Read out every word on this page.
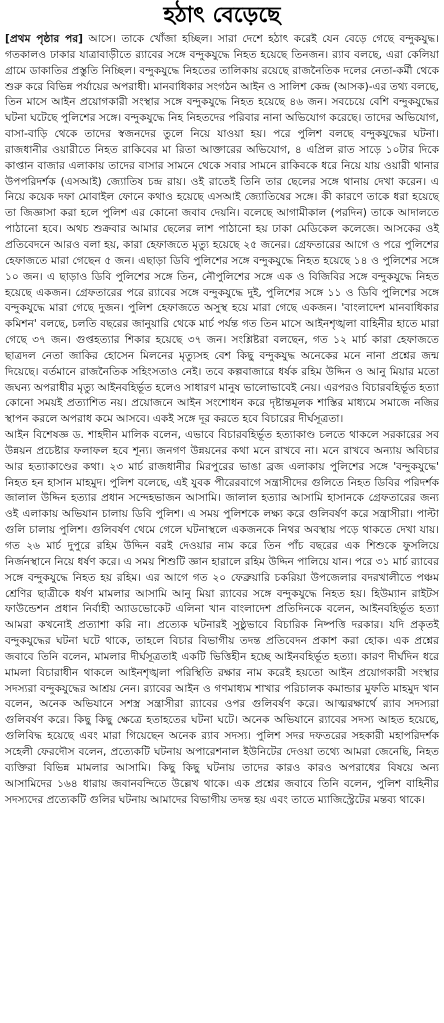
হঠাৎ বেড়েছে

[প্রথম পৃষ্ঠার পর] আসে। তাকে খোঁজা হচ্ছিল। সারা দেশে হঠাৎ করেই যেন বেড়ে গেছে বন্দুকযুদ্ধ। গতকালও ঢাকার যাত্রাবাড়ীতে র‌্যাবের সঙ্গে বন্দুকযুদ্ধে নিহত হয়েছে তিনজন। র‌্যাব বলছে, এরা কেলিয়া গ্রামে ডাকাতির প্রস্তুতি নিচ্ছিল। বন্দুকযুদ্ধে নিহতের তালিকায় রয়েছে রাজনৈতিক দলের নেতা-কর্মী থেকে শুরু করে বিভিন্ন পর্যায়ের অপরাধী। মানবাধিকার সংগঠন আইন ও সালিশ কেন্দ্র (আসক)-এর তথ্য বলছে, তিন মাসে আইন প্রয়োগকারী সংস্থার সঙ্গে বন্দুকযুদ্ধে নিহত হয়েছে ৪৬ জন। সবচেয়ে বেশি বন্দুকযুদ্ধের ঘটনা ঘটেছে পুলিশের সঙ্গে। বন্দুকযুদ্ধে নিহ নিহতদের পরিবার নানা অভিযোগ করেছে। তাদের অভিযোগ, বাসা-বাড়ি থেকে তাদের স্বজনদের তুলে নিয়ে যাওয়া হয়। পরে পুলিশ বলছে বন্দুকযুদ্ধের ঘটনা। রাজধানীর ওয়ারীতে নিহত রাকিবের মা রিতা আক্তারের অভিযোগ, ৪ এপ্রিল রাত সাড়ে ১০টার দিকে কাপ্তান বাজার এলাকায় তাদের বাসার সামনে থেকে সবার সামনে রাকিবকে ধরে নিয়ে যায় ওয়ারী থানার উপপরিদর্শক (এসআই) জ্যোতিষ চন্দ্র রায়। ওই রাতেই তিনি তার ছেলের সঙ্গে থানায় দেখা করেন। এ নিয়ে কয়েক দফা মোবাইল ফোনে কথাও হয়েছে এসআই জ্যোতিষের সঙ্গে। কী কারণে তাকে ধরা হয়েছে তা জিজ্ঞাসা করা হলে পুলিশ এর কোনো জবাব দেয়নি। বলেছে আগামীকাল (পরদিন) তাকে আদালতে পাঠানো হবে। অথচ শুক্রবার আমার ছেলের লাশ পাঠানো হয় ঢাকা মেডিকেল কলেজে। আসকের ওই প্রতিবেদনে আরও বলা হয়, কারা হেফাজতে মৃত্যু হয়েছে ২৫ জনের। গ্রেফতারের আগে ও পরে পুলিশের হেফাজতে মারা গেছেন ৫ জন। এছাড়া ডিবি পুলিশের সঙ্গে বন্দুকযুদ্ধে নিহত হয়েছে ১৪ ও পুলিশের সঙ্গে ১০ জন। এ ছাড়াও ডিবি পুলিশের সঙ্গে তিন, নৌপুলিশের সঙ্গে এক ও বিজিবির সঙ্গে বন্দুকযুদ্ধে নিহত হয়েছে একজন। গ্রেফতারের পরে র‌্যাবের সঙ্গে বন্দুকযুদ্ধে দুই, পুলিশের সঙ্গে ১১ ও ডিবি পুলিশের সঙ্গে বন্দুকযুদ্ধে মারা গেছে দুজন। পুলিশ হেফাজতে অসুস্থ হয়ে মারা গেছে একজন। 'বাংলাদেশ মানবাধিকার কমিশন' বলছে, চলতি বছরের জানুয়ারি থেকে মার্চ পর্যন্ত গত তিন মাসে আইনশৃঙ্খলা বাহিনীর হাতে মারা গেছে ৩৭ জন। গুপ্তহত্যার শিকার হয়েছে ৩৭ জন। সংশ্লিষ্টরা বলছেন, গত ১২ মার্চ কারা হেফাজতে ছাত্রদল নেতা জাকির হোসেন মিলনের মৃত্যুসহ বেশ কিছু বন্দুকযুদ্ধ অনেকের মনে নানা প্রশ্নের জন্ম দিয়েছে। বর্তমানে রাজনৈতিক সহিংসতাও নেই। তবে কল্পবাজারে ধর্ষক রহিম উদ্দিন ও আনু মিয়ার মতো জঘন্য অপরাধীর মৃত্যু আইনবহির্ভূত হলেও সাধারণ মানুষ ভালোভাবেই নেয়। এরপরও বিচারবহির্ভূত হত্যা কোনো সময়ই প্রত্যাশিত নয়। প্রয়োজনে আইন সংশোধন করে দৃষ্টান্তমূলক শাস্তির মাধ্যমে সমাজে নজির স্থাপন করলে অপরাধ কমে আসবে। একই সঙ্গে দূর করতে হবে বিচারের দীর্ঘসূত্রতা।

আইন বিশেষজ্ঞ ড. শাহদীন মালিক বলেন, এভাবে বিচারবহির্ভূত হত্যাকাণ্ড চলতে থাকলে সরকারের সব উন্নয়ন প্রচেষ্টার ফলাফল হবে শূন্য। জনগণ উন্নয়নের কথা মনে রাখবে না। মনে রাখবে অন্যায় অবিচার আর হত্যাকাণ্ডের কথা। ২৩ মার্চ রাজধানীর মিরপুরের ভাঙা ব্রজ এলাকায় পুলিশের সঙ্গে 'বন্দুকযুদ্ধে' নিহত হন হাসান মাহমুদ। পুলিশ বলেছে, এই যুবক পীরেরবাগে সন্ত্রাসীদের গুলিতে নিহত ডিবির পরিদর্শক জালাল উদ্দিন হত্যার প্রধান সন্দেহভাজন আসামি। জালাল হত্যার আসামি হাসানকে গ্রেফতারের জন্য ওই এলাকায় অভিযান চালায় ডিবি পুলিশ। এ সময় পুলিশকে লক্ষ্য করে গুলিবর্ষণ করে সন্ত্রাসীরা। পাল্টা গুলি চালায় পুলিশ। গুলিবর্ষণ থেমে গেলে ঘটনাস্থলে একজনকে নিথর অবস্থায় পড়ে থাকতে দেখা যায়। গত ২৬ মার্চ দুপুরে রহিম উদ্দিন বরই দেওয়ার নাম করে তিন পাঁচ বছরের এক শিশুকে ফুসলিয়ে নির্জনস্থানে নিয়ে ধর্ষণ করে। এ সময় শিশুটি জ্ঞান হারালে রহিম উদ্দিন পালিয়ে যান। পরে ৩১ মার্চ র‌্যাবের সঙ্গে বন্দুকযুদ্ধে নিহত হয় রহিম। এর আগে গত ২০ ফেব্রুয়ারি চকরিয়া উপজেলার বদরখালীতে পঞ্চম শ্রেণির ছাত্রীকে ধর্ষণ মামলার আসামি আনু মিয়া র‌্যাবের সঙ্গে বন্দুকযুদ্ধে নিহত হয়। হিউম্যান রাইটস ফাউন্ডেশন প্রধান নির্বাহী অ্যাডভোকেট এলিনা খান বাংলাদেশ প্রতিদিনকে বলেন, আইনবহির্ভূত হত্যা আমরা কখনোই প্রত্যাশা করি না। প্রত্যেক ঘটনারই সুষ্ঠুভাবে বিচারিক নিষ্পত্তি দরকার। যদি প্রকৃতই বন্দুকযুদ্ধের ঘটনা ঘটে থাকে, তাহলে বিচার বিভাগীয় তদন্ত প্রতিবেদন প্রকাশ করা হোক। এক প্রশ্নের জবাবে তিনি বলেন, মামলার দীর্ঘসূত্রতাই একটি ভিত্তিহীন হচ্ছে আইনবহির্ভূত হত্যা। কারণ দীর্ঘদিন ধরে মামলা বিচারাধীন থাকলে আইনশৃঙ্খলা পরিস্থিতি রক্ষার নাম করেই হয়তো আইন প্রয়োগকারী সংস্থার সদস্যরা বন্দুকযুদ্ধের আশ্রয় নেন। র‌্যাবের আইন ও গণমাধ্যম শাখার পরিচালক কমান্ডার মুফতি মাহমুদ খান বলেন, অনেক অভিযানে সশস্ত্র সন্ত্রাসীরা র‌্যাবের ওপর গুলিবর্ষণ করে। আত্মরক্ষার্থে র‌্যাব সদস্যরা গুলিবর্ষণ করে। কিছু কিছু ক্ষেত্রে হতাহতের ঘটনা ঘটে। অনেক অভিযানে র‌্যাবের সদস্য আহত হয়েছে, গুলিবিদ্ধ হয়েছে এবং মারা গিয়েছেন অনেক র‌্যাব সদস্য। পুলিশ সদর দফতরের সহকারী মহাপরিদর্শক সহেলী ফেরদৌস বলেন, প্রত্যেকটি ঘটনায় অপারেশনাল ইউনিটের দেওয়া তথ্যে আমরা জেনেছি, নিহত ব্যক্তিরা বিভিন্ন মামলার আসামি। কিছু কিছু ঘটনায় তাদের কারও কারও অপরাধের বিষয়ে অন্য আসামিদের ১৬৪ ধারায় জবানবন্দিতে উল্লেখ থাকে। এক প্রশ্নের জবাবে তিনি বলেন, পুলিশ বাহিনীর সদস্যদের প্রত্যেকটি গুলির ঘটনায় আমাদের বিভাগীয় তদন্ত হয় এবং তাতে ম্যাজিস্ট্রেটের মন্তব্য থাকে।
